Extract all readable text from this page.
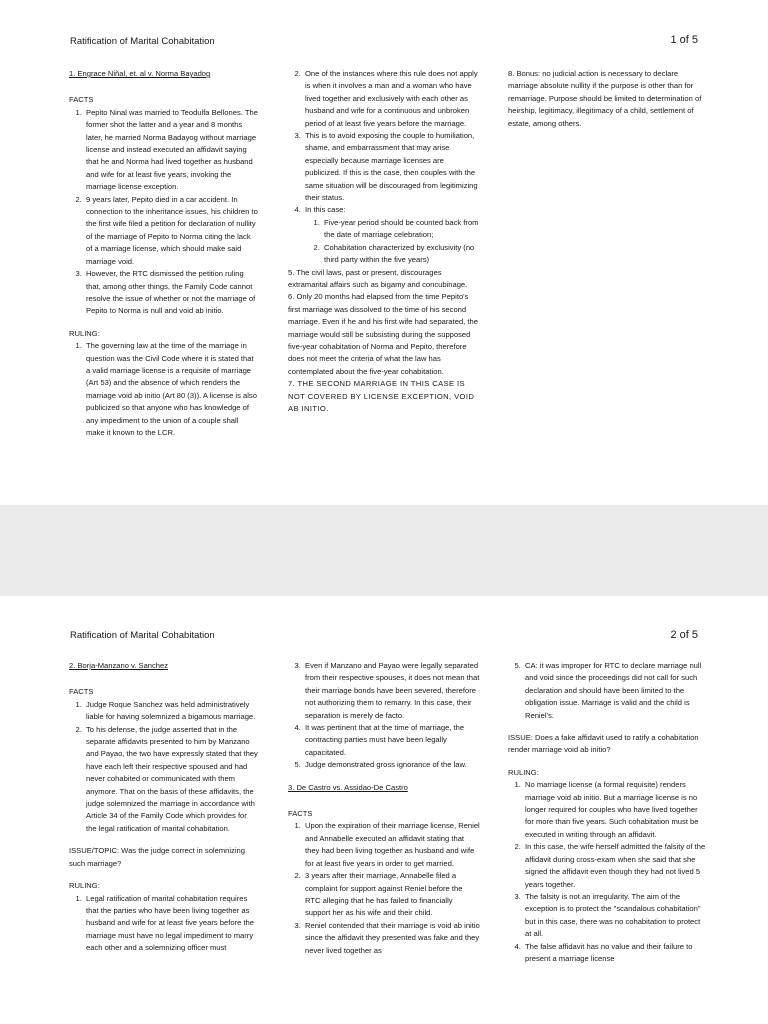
Ratification of Marital Cohabitation	1 of 5
1. Engrace Niñal, et. al v. Norma Bayadog
FACTS
1. Pepito Ninal was married to Teodulfa Bellones. The former shot the latter and a year and 8 months later, he married Norma Badayog without marriage license and instead executed an affidavit saying that he and Norma had lived together as husband and wife for at least five years, invoking the marriage license exception.
2. 9 years later, Pepito died in a car accident. In connection to the inheritance issues, his children to the first wife filed a petition for declaration of nullity of the marriage of Pepito to Norma citing the lack of a marriage license, which should make said marriage void.
3. However, the RTC dismissed the petition ruling that, among other things, the Family Code cannot resolve the issue of whether or not the marriage of Pepito to Norma is null and void ab initio.
RULING:
1. The governing law at the time of the marriage in question was the Civil Code where it is stated that a valid marriage license is a requisite of marriage (Art 53) and the absence of which renders the marriage void ab initio (Art 80 (3)). A license is also publicized so that anyone who has knowledge of any impediment to the union of a couple shall make it known to the LCR.
2. One of the instances where this rule does not apply is when it involves a man and a woman who have lived together and exclusively with each other as husband and wife for a continuous and unbroken period of at least five years before the marriage.
3. This is to avoid exposing the couple to humiliation, shame, and embarrassment that may arise especially because marriage licenses are publicized. If this is the case, then couples with the same situation will be discouraged from legitimizing their status.
4. In this case:
1. Five-year period should be counted back from the date of marriage celebration;
2. Cohabitation characterized by exclusivity (no third party within the five years)

5. The civil laws, past or present, discourages extramarital affairs such as bigamy and concubinage.

6. Only 20 months had elapsed from the time Pepito's first marriage was dissolved to the time of his second marriage. Even if he and his first wife had separated, the marriage would still be subsisting during the supposed five-year cohabitation of Norma and Pepito, therefore does not meet the criteria of what the law has contemplated about the five-year cohabitation.

7. THE SECOND MARRIAGE IN THIS CASE IS NOT COVERED BY LICENSE EXCEPTION, VOID AB INITIO.

8. Bonus: no judicial action is necessary to declare marriage absolute nullity if the purpose is other than for remarriage. Purpose should be limited to determination of heirship, legitimacy, illegitimacy of a child, settlement of estate, among others.

Ratification of Marital Cohabitation	2 of 5
2. Borja-Manzano v. Sanchez
FACTS
1. Judge Roque Sanchez was held administratively liable for having solemnized a bigamous marriage.
2. To his defense, the judge asserted that in the separate affidavits presented to him by Manzano and Payao, the two have expressly stated that they have each left their respective spoused and had never cohabited or communicated with them anymore. That on the basis of these affidavits, the judge solemnized the marriage in accordance with Article 34 of the Family Code which provides for the legal ratification of marital cohabitation.

ISSUE/TOPIC: Was the judge correct in solemnizing such marriage?

RULING:
1. Legal ratification of marital cohabitation requires that the parties who have been living together as husband and wife for at least five years before the marriage must have no legal impediment to marry each other and a solemnizing officer must
3. Even if Manzano and Payao were legally separated from their respective spouses, it does not mean that their marriage bonds have been severed, therefore not authorizing them to remarry. In this case, their separation is merely de facto.
4. It was pertinent that at the time of marriage, the contracting parties must have been legally capacitated.
5. Judge demonstrated gross ignorance of the law.
3. De Castro vs. Assidao-De Castro
FACTS
1. Upon the expiration of their marriage license, Reniel and Annabelle executed an affidavit stating that they had been living together as husband and wife for at least five years in order to get married.
2. 3 years after their marriage, Annabelle filed a complaint for support against Reniel before the RTC alleging that he has failed to financially support her as his wife and their child.
3. Reniel contended that their marriage is void ab initio since the affidavit they presented was fake and they never lived together as
5. CA: it was improper for RTC to declare marriage null and void since the proceedings did not call for such declaration and should have been limited to the obligation issue. Marriage is valid and the child is Reniel's.

ISSUE: Does a fake affidavit used to ratify a cohabitation render marriage void ab initio?

RULING:
1. No marriage license (a formal requisite) renders marriage void ab initio. But a marriage license is no longer required for couples who have lived together for more than five years. Such cohabitation must be executed in writing through an affidavit.
2. In this case, the wife herself admitted the falsity of the affidavit during cross-exam when she said that she signed the affidavit even though they had not lived 5 years together.
3. The falsity is not an irregularity. The aim of the exception is to protect the "scandalous cohabitation" but in this case, there was no cohabitation to protect at all.
4. The false affidavit has no value and their failure to present a marriage license
